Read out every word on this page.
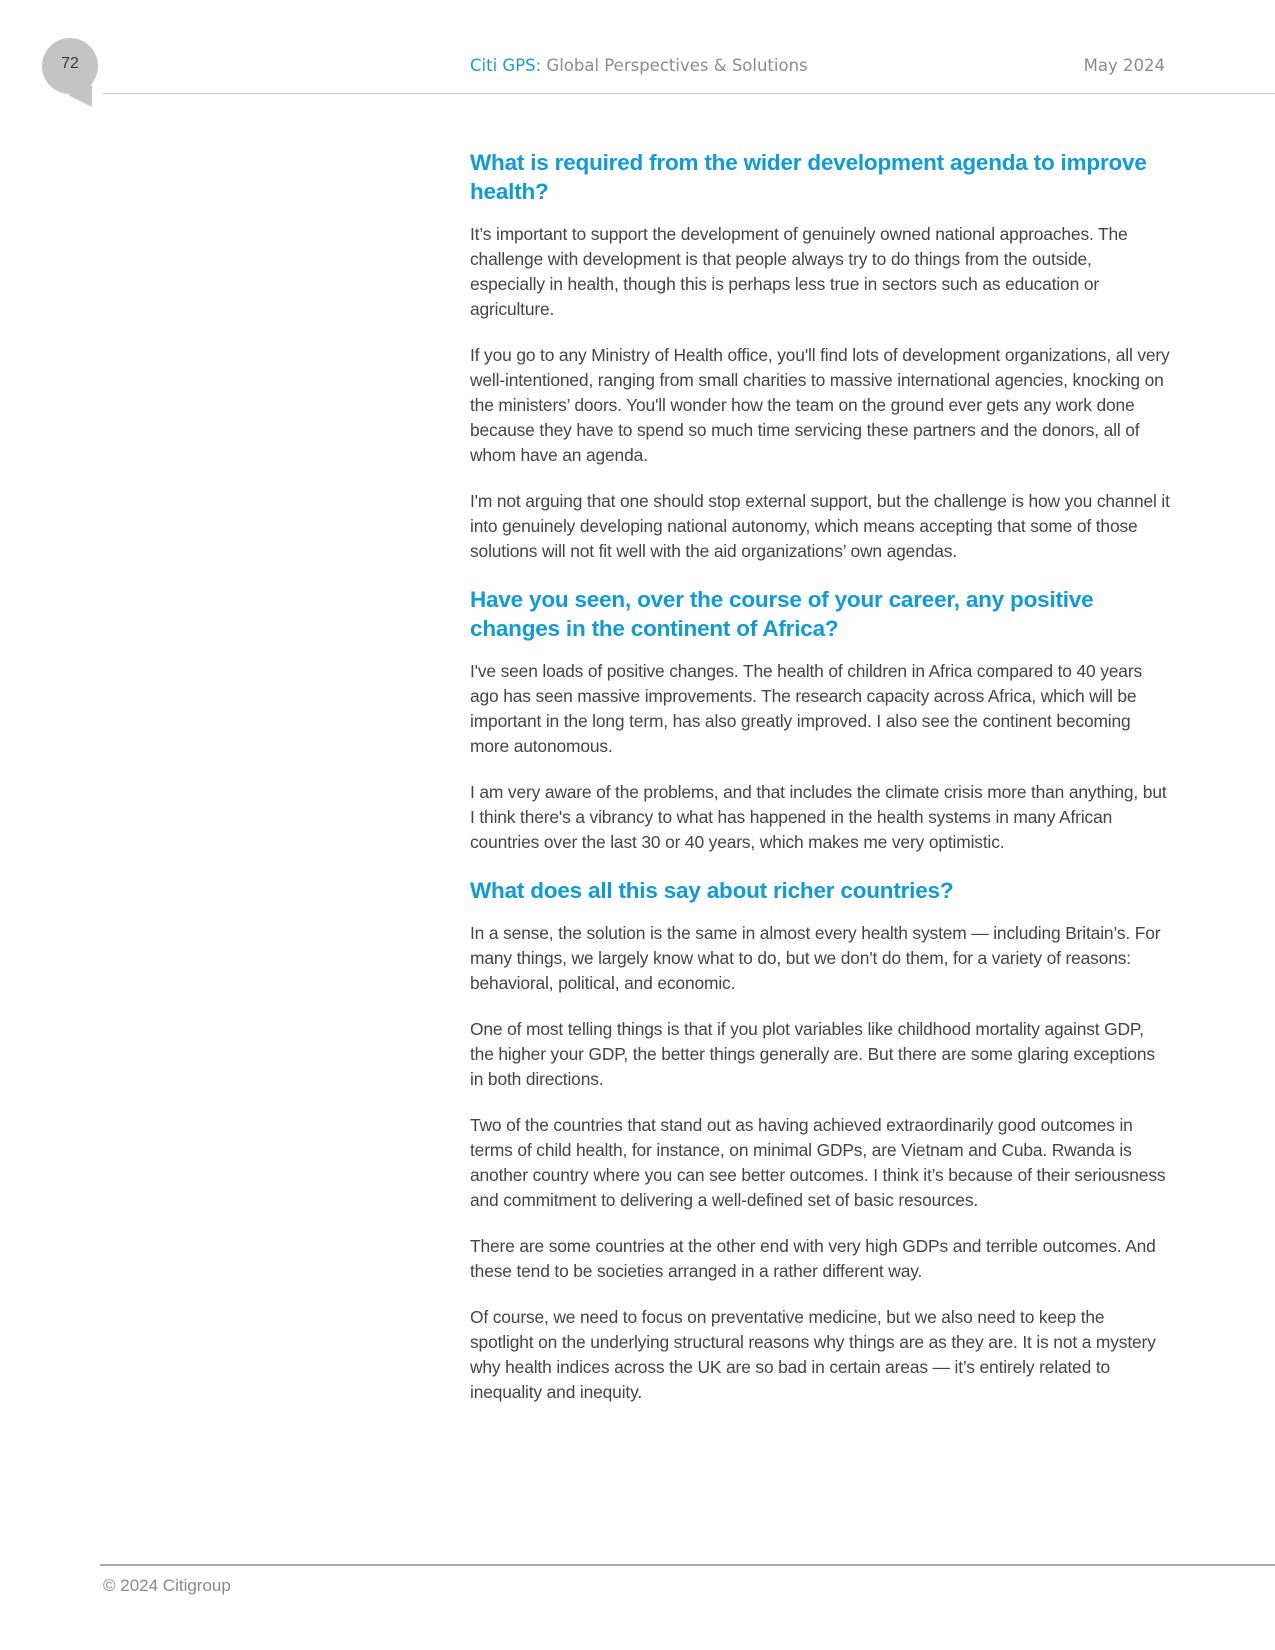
72	Citi GPS: Global Perspectives & Solutions	May 2024
What is required from the wider development agenda to improve health?

It’s important to support the development of genuinely owned national approaches. The challenge with development is that people always try to do things from the outside, especially in health, though this is perhaps less true in sectors such as education or agriculture.

If you go to any Ministry of Health office, you'll find lots of development organizations, all very well-intentioned, ranging from small charities to massive international agencies, knocking on the ministers’ doors. You'll wonder how the team on the ground ever gets any work done because they have to spend so much time servicing these partners and the donors, all of whom have an agenda.

I'm not arguing that one should stop external support, but the challenge is how you channel it into genuinely developing national autonomy, which means accepting that some of those solutions will not fit well with the aid organizations’ own agendas.

Have you seen, over the course of your career, any positive changes in the continent of Africa?

I've seen loads of positive changes. The health of children in Africa compared to 40 years ago has seen massive improvements. The research capacity across Africa, which will be important in the long term, has also greatly improved. I also see the continent becoming more autonomous.

I am very aware of the problems, and that includes the climate crisis more than anything, but I think there's a vibrancy to what has happened in the health systems in many African countries over the last 30 or 40 years, which makes me very optimistic.

What does all this say about richer countries?

In a sense, the solution is the same in almost every health system — including Britain’s. For many things, we largely know what to do, but we don't do them, for a variety of reasons: behavioral, political, and economic.

One of most telling things is that if you plot variables like childhood mortality against GDP, the higher your GDP, the better things generally are. But there are some glaring exceptions in both directions.

Two of the countries that stand out as having achieved extraordinarily good outcomes in terms of child health, for instance, on minimal GDPs, are Vietnam and Cuba. Rwanda is another country where you can see better outcomes. I think it’s because of their seriousness and commitment to delivering a well-defined set of basic resources.

There are some countries at the other end with very high GDPs and terrible outcomes. And these tend to be societies arranged in a rather different way.

Of course, we need to focus on preventative medicine, but we also need to keep the spotlight on the underlying structural reasons why things are as they are. It is not a mystery why health indices across the UK are so bad in certain areas — it’s entirely related to inequality and inequity.

© 2024 Citigroup
